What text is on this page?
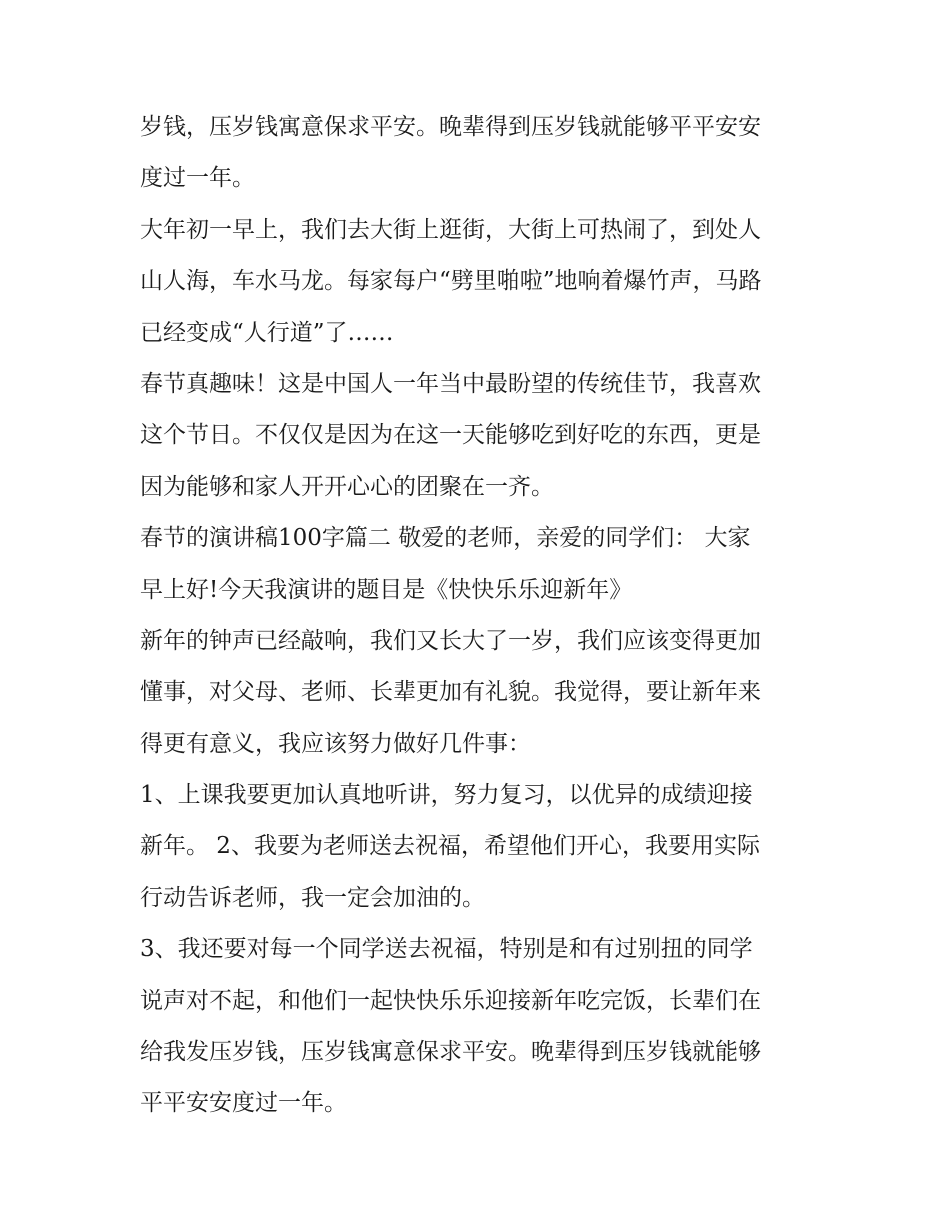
岁钱，压岁钱寓意保求平安。晚辈得到压岁钱就能够平平安安
度过一年。
大年初一早上，我们去大街上逛街，大街上可热闹了，到处人
山人海，车水马龙。每家每户“劈里啪啦”地响着爆竹声，马路
已经变成“人行道”了……
春节真趣味！这是中国人一年当中最盼望的传统佳节，我喜欢
这个节日。不仅仅是因为在这一天能够吃到好吃的东西，更是
因为能够和家人开开心心的团聚在一齐。
春节的演讲稿100字篇二 敬爱的老师，亲爱的同学们： 大家
早上好!今天我演讲的题目是《快快乐乐迎新年》
新年的钟声已经敲响，我们又长大了一岁，我们应该变得更加
懂事，对父母、老师、长辈更加有礼貌。我觉得，要让新年来
得更有意义，我应该努力做好几件事：
1、上课我要更加认真地听讲，努力复习，以优异的成绩迎接
新年。 2、我要为老师送去祝福，希望他们开心，我要用实际
行动告诉老师，我一定会加油的。
3、我还要对每一个同学送去祝福，特别是和有过别扭的同学
说声对不起，和他们一起快快乐乐迎接新年吃完饭，长辈们在
给我发压岁钱，压岁钱寓意保求平安。晚辈得到压岁钱就能够
平平安安度过一年。
